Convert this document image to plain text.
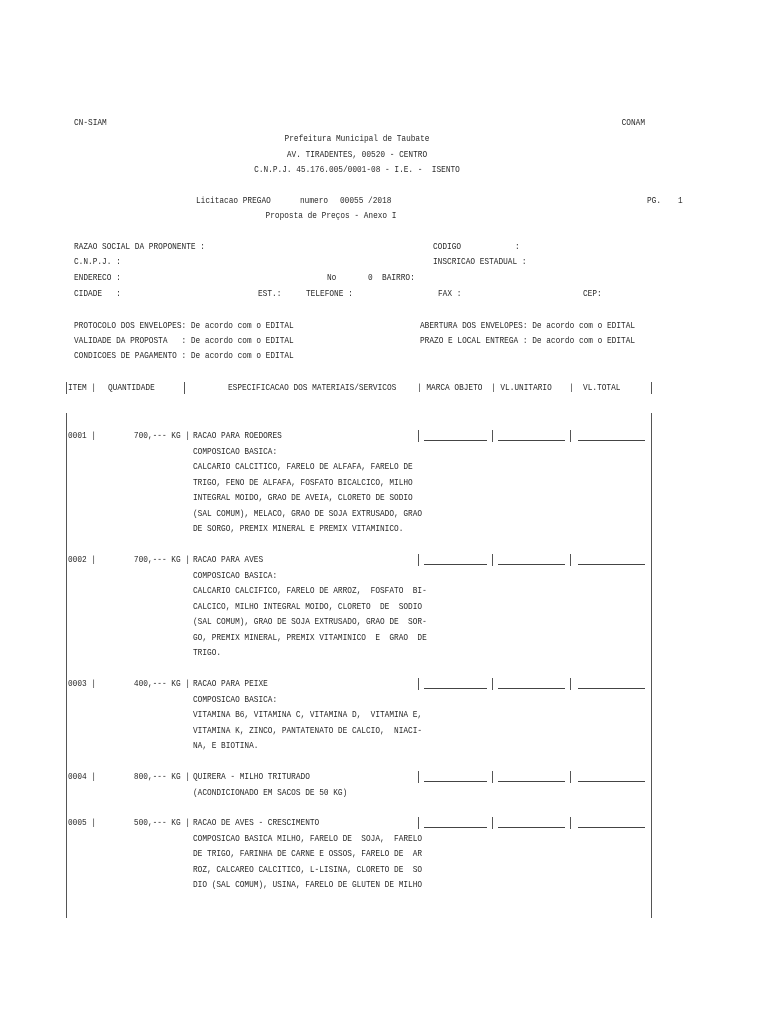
CN-SIAM	CONAM
Prefeitura Municipal de Taubate
AV. TIRADENTES, 00520 - CENTRO
C.N.P.J. 45.176.005/0001-08 - I.E. -  ISENTO
Licitacao PREGAO	numero 00055 /2018	PG. 1
Proposta de Preços - Anexo I
RAZAO SOCIAL DA PROPONENTE :	CODIGO	:
C.N.P.J. :	INSCRICAO ESTADUAL :
ENDERECO :	No	0  BAIRRO:
CIDADE   :	EST.:	TELEFONE :	FAX :	CEP:
PROTOCOLO DOS ENVELOPES: De acordo com o EDITAL
VALIDADE DA PROPOSTA   : De acordo com o EDITAL
CONDICOES DE PAGAMENTO : De acordo com o EDITAL
ABERTURA DOS ENVELOPES: De acordo com o EDITAL
PRAZO E LOCAL ENTREGA : De acordo com o EDITAL
ITEM | QUANTIDADE	ESPECIFICACAO DOS MATERIAIS/SERVICOS | MARCA OBJETO | VL.UNITARIO |  VL.TOTAL
0001 |	700,--- KG | RACAO PARA ROEDORES
COMPOSICAO BASICA:
CALCARIO CALCITICO, FARELO DE ALFAFA, FARELO DE
TRIGO, FENO DE ALFAFA, FOSFATO BICALCICO, MILHO
INTEGRAL MOIDO, GRAO DE AVEIA, CLORETO DE SODIO
(SAL COMUM), MELACO, GRAO DE SOJA EXTRUSADO, GRAO
DE SORGO, PREMIX MINERAL E PREMIX VITAMINICO.
0002 |	700,--- KG | RACAO PARA AVES
COMPOSICAO BASICA:
CALCARIO CALCIFICO, FARELO DE ARROZ,  FOSFATO  BI-
CALCICO, MILHO INTEGRAL MOIDO, CLORETO  DE  SODIO
(SAL COMUM), GRAO DE SOJA EXTRUSADO, GRAO DE  SOR-
GO, PREMIX MINERAL, PREMIX VITAMINICO  E  GRAO  DE
TRIGO.
0003 |	400,--- KG | RACAO PARA PEIXE
COMPOSICAO BASICA:
VITAMINA B6, VITAMINA C, VITAMINA D,  VITAMINA E,
VITAMINA K, ZINCO, PANTATENATO DE CALCIO,  NIACI-
NA, E BIOTINA.
0004 |	800,--- KG | QUIRERA - MILHO TRITURADO
(ACONDICIONADO EM SACOS DE 50 KG)
0005 |	500,--- KG | RACAO DE AVES - CRESCIMENTO
COMPOSICAO BASICA MILHO, FARELO DE  SOJA,  FARELO
DE TRIGO, FARINHA DE CARNE E OSSOS, FARELO DE  AR
ROZ, CALCAREO CALCITICO, L-LISINA, CLORETO DE  SO
DIO (SAL COMUM), USINA, FARELO DE GLUTEN DE MILHO
